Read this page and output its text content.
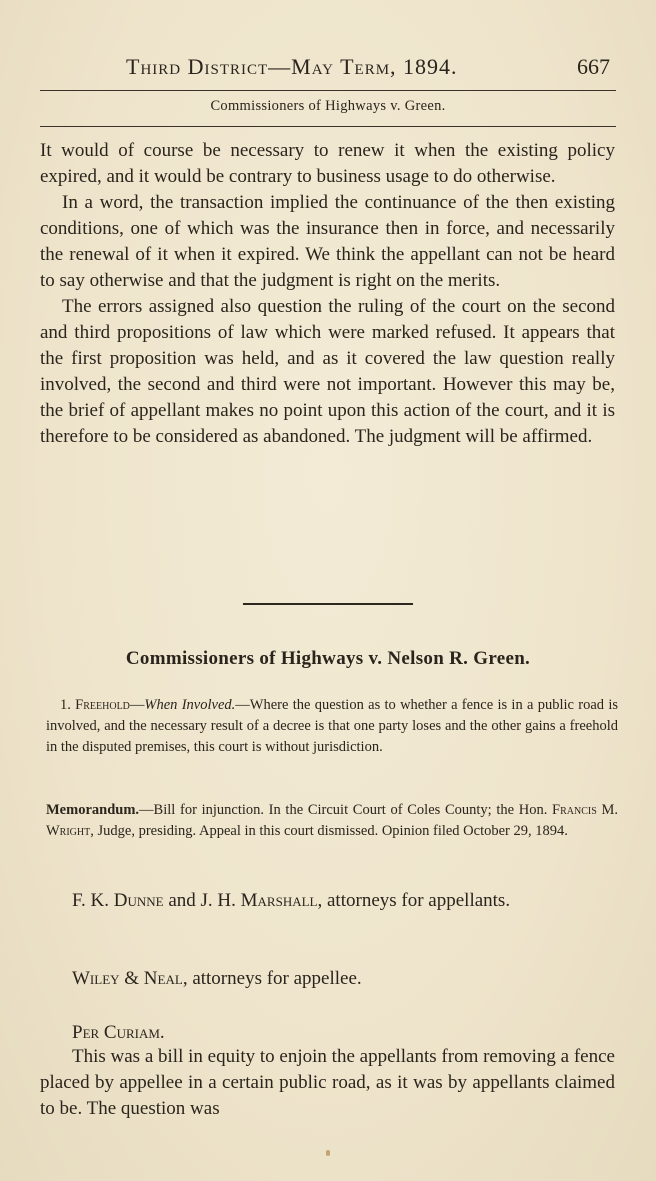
Third District—May Term, 1894.	667
Commissioners of Highways v. Green.

It would of course be necessary to renew it when the existing policy expired, and it would be contrary to business usage to do otherwise.

In a word, the transaction implied the continuance of the then existing conditions, one of which was the insurance then in force, and necessarily the renewal of it when it expired. We think the appellant can not be heard to say otherwise and that the judgment is right on the merits.

The errors assigned also question the ruling of the court on the second and third propositions of law which were marked refused. It appears that the first proposition was held, and as it covered the law question really involved, the second and third were not important. However this may be, the brief of appellant makes no point upon this action of the court, and it is therefore to be considered as abandoned. The judgment will be affirmed.

Commissioners of Highways v. Nelson R. Green.
1. Freehold—When Involved.—Where the question as to whether a fence is in a public road is involved, and the necessary result of a decree is that one party loses and the other gains a freehold in the disputed premises, this court is without jurisdiction.
Memorandum.—Bill for injunction. In the Circuit Court of Coles County; the Hon. Francis M. Wright, Judge, presiding. Appeal in this court dismissed. Opinion filed October 29, 1894.
F. K. Dunne and J. H. Marshall, attorneys for appellants.
Wiley & Neal, attorneys for appellee.
Per Curiam.
This was a bill in equity to enjoin the appellants from removing a fence placed by appellee in a certain public road, as it was by appellants claimed to be. The question was
